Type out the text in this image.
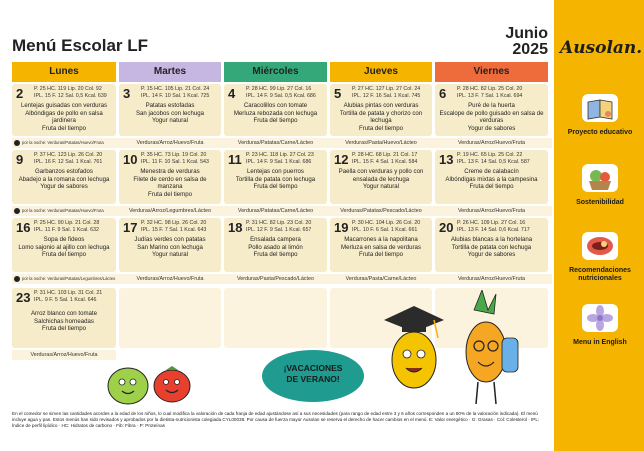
Menú Escolar LF
Junio
2025 Ausolan.
Proyecto educativo
Sostenibilidad
Recomendaciones nutricionales
Menu in English
Lunes	Martes	Miércoles	Jueves	Viernes
2 P. 25 HC. 119 Lip. 20 Col. 92
IPL. 15 F. 12 Sal. 0,5 Kcal. 639
Lentejas guisadas con verduras
Albóndigas de pollo en salsa jardinera
Fruta del tiempo
3 P. 15 HC. 105 Lip. 21 Col. 24
IPL. 14 F. 10 Sal. 1 Kcal. 725
Patatas estofadas
San jacobos con lechuga
Yogur natural
4 P. 28 HC. 99 Lip. 27 Col. 16
IPL. 14 F. 9 Sal. 0,5 Kcal. 686
Caracolillos con tomate
Merluza rebozada con lechuga
Fruta del tiempo
5 P. 27 HC. 127 Lip. 27 Col. 24
IPL. 12 F. 16 Sal. 1 Kcal. 745
Alubias pintas con verduras
Tortilla de patata y chorizo con lechuga
Fruta del tiempo
6 P. 28 HC. 82 Lip. 25 Col. 20
IPL. 13 F. 7 Sal. 1 Kcal. 694
Puré de la huerta
Escalope de pollo guisado en salsa de verduras
Yogur de sabores
por la noche: Verduras/Patatas/Huevo/Fruta	Verduras/Arroz/Huevo/Fruta	Verduras/Patatas/Carne/Lácteo	Verduras/Pasta/Huevo/Lácteo	Verduras/Arroz/Huevo/Fruta
9 P. 37 HC. 123 Lip. 26 Col. 20
IPL. 16 F. 12 Sal. 1 Kcal. 761
Garbanzos estofados
Abadejo a la romana con lechuga
Yogur de sabores
10 P. 35 HC. 73 Lip. 19 Col. 20
IPL. 11 F. 10 Sal. 1 Kcal. 543
Menestra de verduras
Filete de cerdo en salsa de manzana
Fruta del tiempo
11 P. 23 HC. 118 Lip. 27 Col. 23
IPL. 14 F. 9 Sal. 1 Kcal. 686
Lentejas con puerros
Tortilla de patata con lechuga
Fruta del tiempo
12 P. 28 HC. 68 Lip. 21 Col. 17
IPL. 15 F. 4 Sal. 1 Kcal. 584
Paella con verduras y pollo con ensalada de lechuga
Yogur natural
13 P. 19 HC. 65 Lip. 25 Col. 22
IPL. 13 F. 14 Sal. 0,5 Kcal. 587
Creme de calabacín
Albóndigas mixtas a la campesina
Fruta del tiempo
por la noche: Verduras/Patatas/Huevo/Fruta	Verduras/Arroz/Legumbres/Lácteo	Verduras/Patatas/Carne/Lácteo	Verduras/Patatas/Pescado/Lácteo	Verduras/Arroz/Huevo/Fruta
16 P. 25 HC. 90 Lip. 21 Col. 28
IPL. 11 F. 9 Sal. 1 Kcal. 632
Sopa de fideos
Lomo sajonio al ajillo con lechuga
Fruta del tiempo
17 P. 32 HC. 98 Lip. 26 Col. 20
IPL. 15 F. 7 Sal. 1 Kcal. 643
Judías verdes con patatas
San Marino con lechuga
Yogur natural
18 P. 31 HC. 82 Lip. 23 Col. 20
IPL. 12 F. 9 Sal. 1 Kcal. 657
Ensalada campera
Pollo asado al limón
Fruta del tiempo
19 P. 30 HC. 104 Lip. 26 Col. 20
IPL. 10 F. 6 Sal. 1 Kcal. 661
Macarrones a la napolitana
Merluza en salsa de verduras
Fruta del tiempo
20 P. 26 HC. 109 Lip. 27 Col. 16
IPL. 13 F. 14 Sal. 0,6 Kcal. 717
Alubias blancas a la hortelana
Tortilla de patata con lechuga
Yogur de sabores
por la noche: Verduras/Patatas/Legumbres/Lácteo	Verduras/Arroz/Huevo/Fruta	Verduras/Pasta/Pescado/Lácteo	Verduras/Pasta/Carne/Lácteo	Verduras/Arroz/Huevo/Fruta
23 P. 31 HC. 103 Lip. 31 Col. 21
IPL. 9 F. 5 Sal. 1 Kcal. 646
Arroz blanco con tomate
Salchichas horneadas
Fruta del tiempo
Verduras/Arroz/Huevo/Fruta
¡VACACIONES
DE VERANO!
En el comedor se sirven las cantidades acordes a la edad de los niños, lo cual modifica la valoración de cada franja de edad ajustándose así a sus necesidades (para rango de edad entre 3 y 6 años corresponden a un 80% de la valoración indicada). El menú incluye agua y pan. Estos menús han sido revisados y aprobados por la dietista-nutricionista colegiada CYL00038. Por causa de fuerza mayor Ausolan se reserva el derecho de hacer cambios en el menú. E: Valor energético · G: Grasas · Col: Colesterol · IPL: Índice de perfil lipídico · HC: Hidratos de carbono · Fib: Fibra · P: Proteínas
